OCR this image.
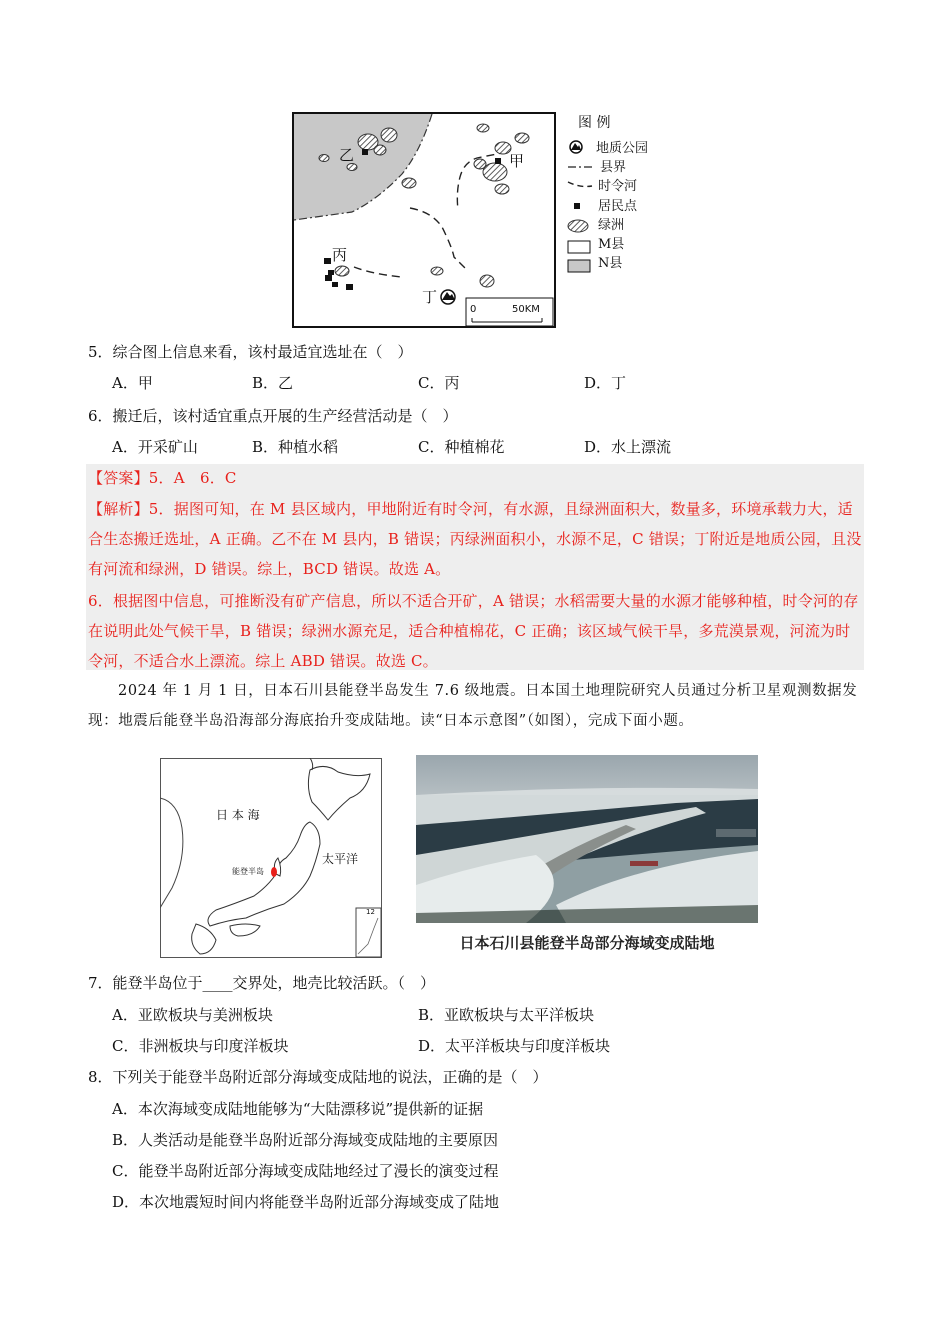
乙	甲
丙
丁
0	50KM
图 例
地质公园
县界
时令河
居民点
绿洲
M县
N县
5．综合图上信息来看，该村最适宜选址在（　）
A．甲	B．乙	C．丙	D．丁
6．搬迁后，该村适宜重点开展的生产经营活动是（　）
A．开采矿山	B．种植水稻	C．种植棉花	D．水上漂流
【答案】5．A　6．C
【解析】5．据图可知，在 M 县区域内，甲地附近有时令河，有水源，且绿洲面积大，数量多，环境承载力大，适合生态搬迁选址，A 正确。乙不在 M 县内，B 错误；丙绿洲面积小，水源不足，C 错误；丁附近是地质公园，且没有河流和绿洲，D 错误。综上，BCD 错误。故选 A。
6．根据图中信息，可推断没有矿产信息，所以不适合开矿，A 错误；水稻需要大量的水源才能够种植，时令河的存在说明此处气候干旱，B 错误；绿洲水源充足，适合种植棉花，C 正确；该区域气候干旱，多荒漠景观，河流为时令河，不适合水上漂流。综上 ABD 错误。故选 C。
2024 年 1 月 1 日，日本石川县能登半岛发生 7.6 级地震。日本国土地理院研究人员通过分析卫星观测数据发现：地震后能登半岛沿海部分海底抬升变成陆地。读“日本示意图”（如图），完成下面小题。
日 本 海
太平洋
能登半岛
12
日本石川县能登半岛部分海域变成陆地
7．能登半岛位于____交界处，地壳比较活跃。（　）
A．亚欧板块与美洲板块	B．亚欧板块与太平洋板块
C．非洲板块与印度洋板块	D．太平洋板块与印度洋板块
8．下列关于能登半岛附近部分海域变成陆地的说法，正确的是（　）
A．本次海域变成陆地能够为“大陆漂移说”提供新的证据
B．人类活动是能登半岛附近部分海域变成陆地的主要原因
C．能登半岛附近部分海域变成陆地经过了漫长的演变过程
D．本次地震短时间内将能登半岛附近部分海域变成了陆地
